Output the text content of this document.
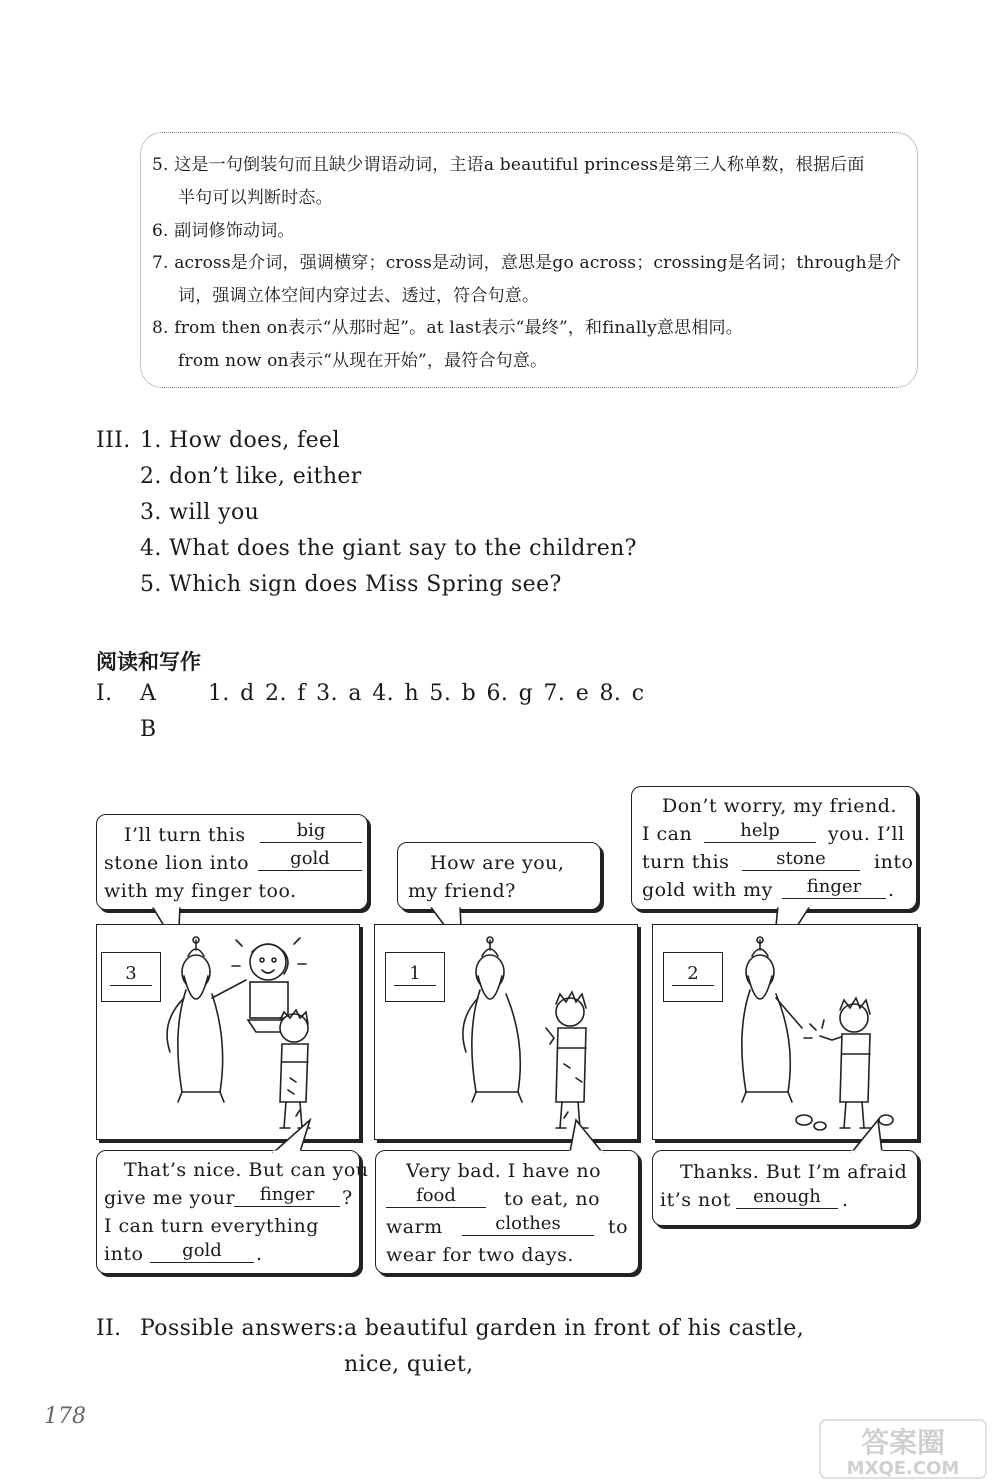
5. 这是一句倒装句而且缺少谓语动词，主语a beautiful princess是第三人称单数，根据后面
半句可以判断时态。
6. 副词修饰动词。
7. across是介词，强调横穿；cross是动词，意思是go across；crossing是名词；through是介
词，强调立体空间内穿过去、透过，符合句意。
8. from then on表示“从那时起”。at last表示“最终”，和finally意思相同。
from now on表示“从现在开始”，最符合句意。
III. 1. How does, feel
2. don’t like, either
3. will you
4. What does the giant say to the children?
5. Which sign does Miss Spring see?
阅读和写作
I. A 1. d 2. f 3. a 4. h 5. b 6. g 7. e 8. c
B
I’ll turn this	big
stone lion into	gold
with my finger too.
How are you,
my friend?
Don’t worry, my friend.
I can	help	you. I’ll
turn this	stone	into
gold with my	finger	.
3	1	2
That’s nice. But can you
give me your	finger	?
I can turn everything
into	gold	.
Very bad. I have no
food	to eat, no
warm	clothes	to
wear for two days.
Thanks. But I’m afraid
it’s not	enough	.
II. Possible answers: a beautiful garden in front of his castle,
nice, quiet,
178
答案圈
MXQE.COM
